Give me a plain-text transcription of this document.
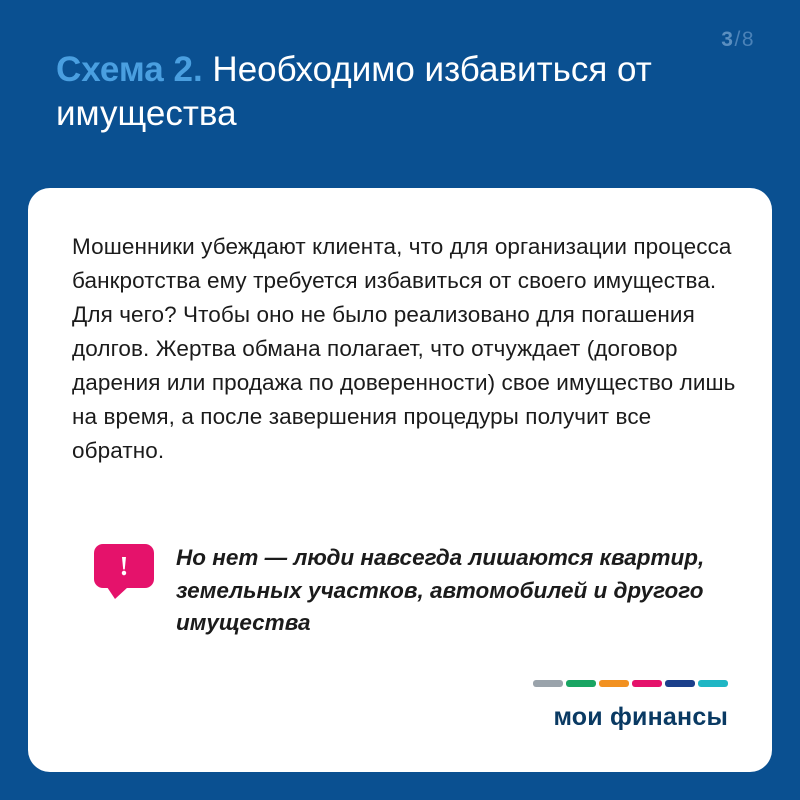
3/8
Схема 2. Необходимо избавиться от имущества
Мошенники убеждают клиента, что для организации процесса банкротства ему требуется избавиться от своего имущества. Для чего? Чтобы оно не было реализовано для погашения долгов. Жертва обмана полагает, что отчуждает (договор дарения или продажа по доверенности) свое имущество лишь на время, а после завершения процедуры получит все обратно.
! Но нет — люди навсегда лишаются квартир, земельных участков, автомобилей и другого имущества
мои финансы
